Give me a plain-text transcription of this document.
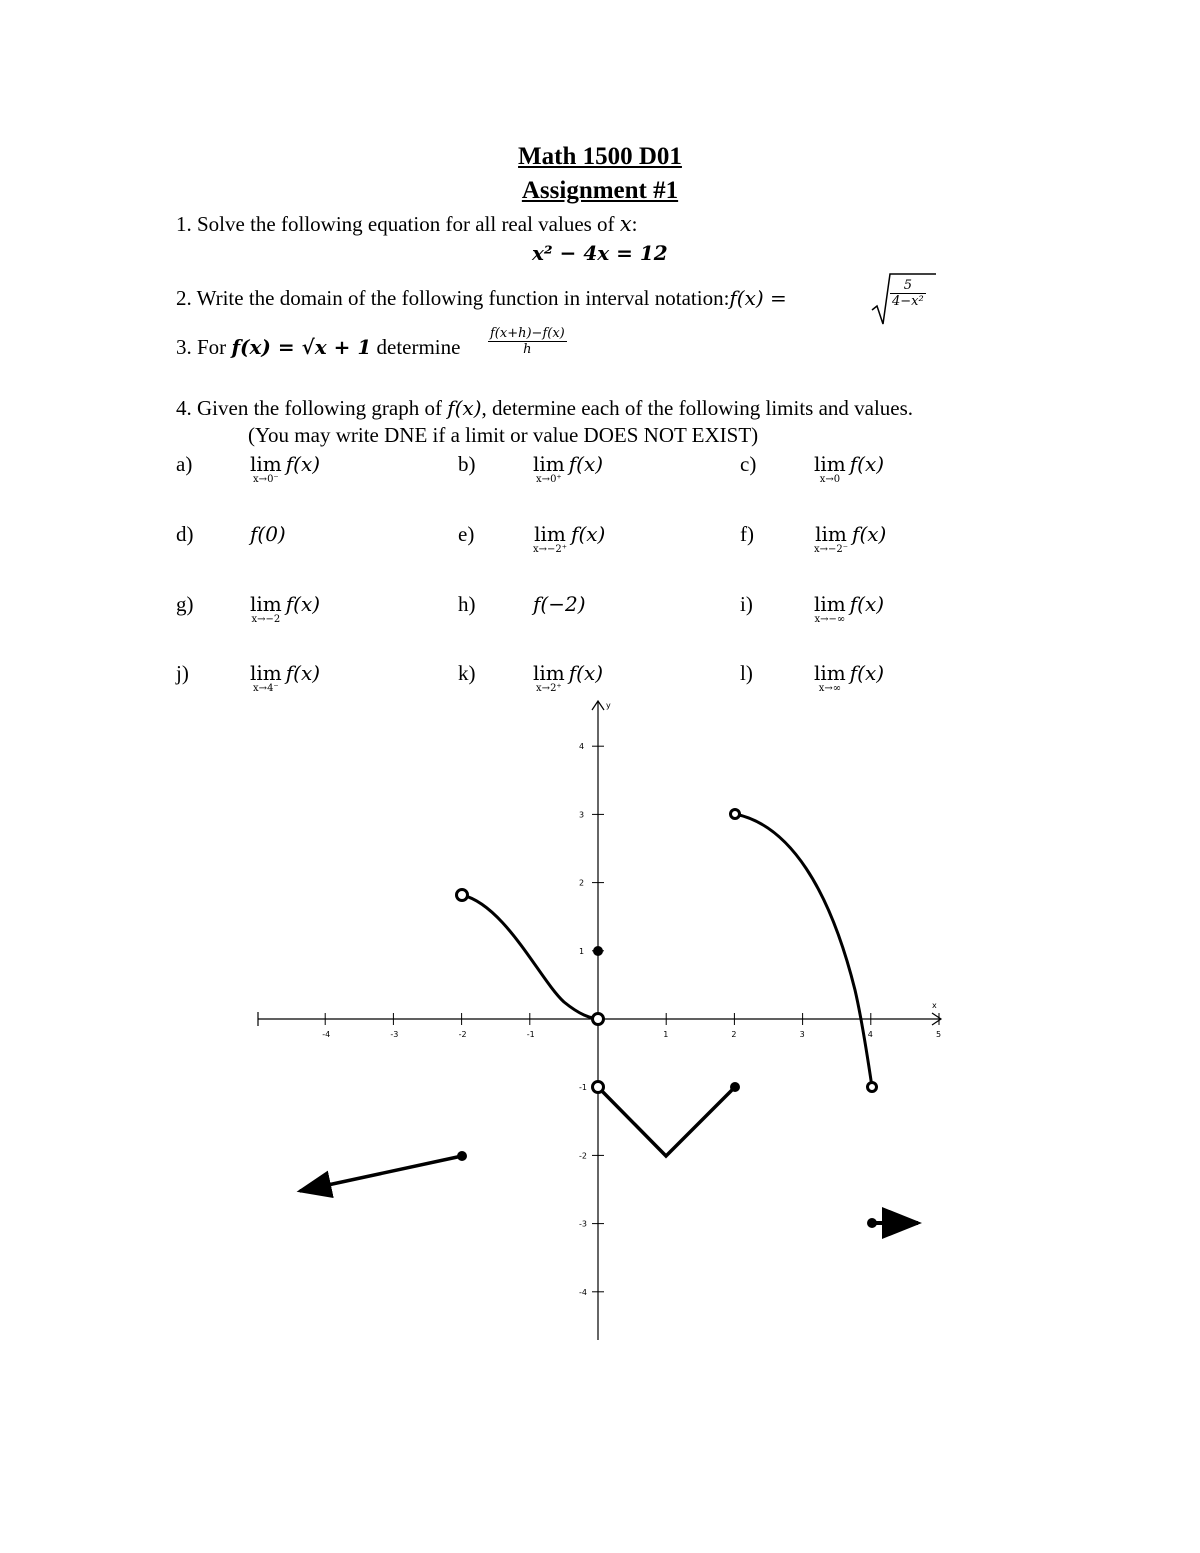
Math 1500 D01
Assignment #1
1. Solve the following equation for all real values of x:
x² − 4x = 12
2. Write the domain of the following function in interval notation:f(x) =	$\frac{5}{\text{4−x²}}$
3. For f(x) = √x + 1 determine $\frac{f(x+h)-f(x)}{h}$
4. Given the following graph of f(x), determine each of the following limits and values.
(You may write DNE if a limit or value DOES NOT EXIST)
a)	lim
x→0⁻
f(x)	b)	lim
x→0⁺
f(x)	c)	lim
x→0
f(x)
d)	f(0)	e)	lim
x→−2⁺
f(x)	f)	lim
x→−2⁻
f(x)
g)	lim
x→−2
f(x)	h)	f(−2)	i)	lim
x→−∞
f(x)
j)	lim
x→4⁻
f(x)	k)	lim
x→2⁺
f(x)	l)	lim
x→∞
f(x)
x
y
-4	-3	-2	-1	1	2	3	4	5
4
3
2
1
-1
-2
-3
-4
